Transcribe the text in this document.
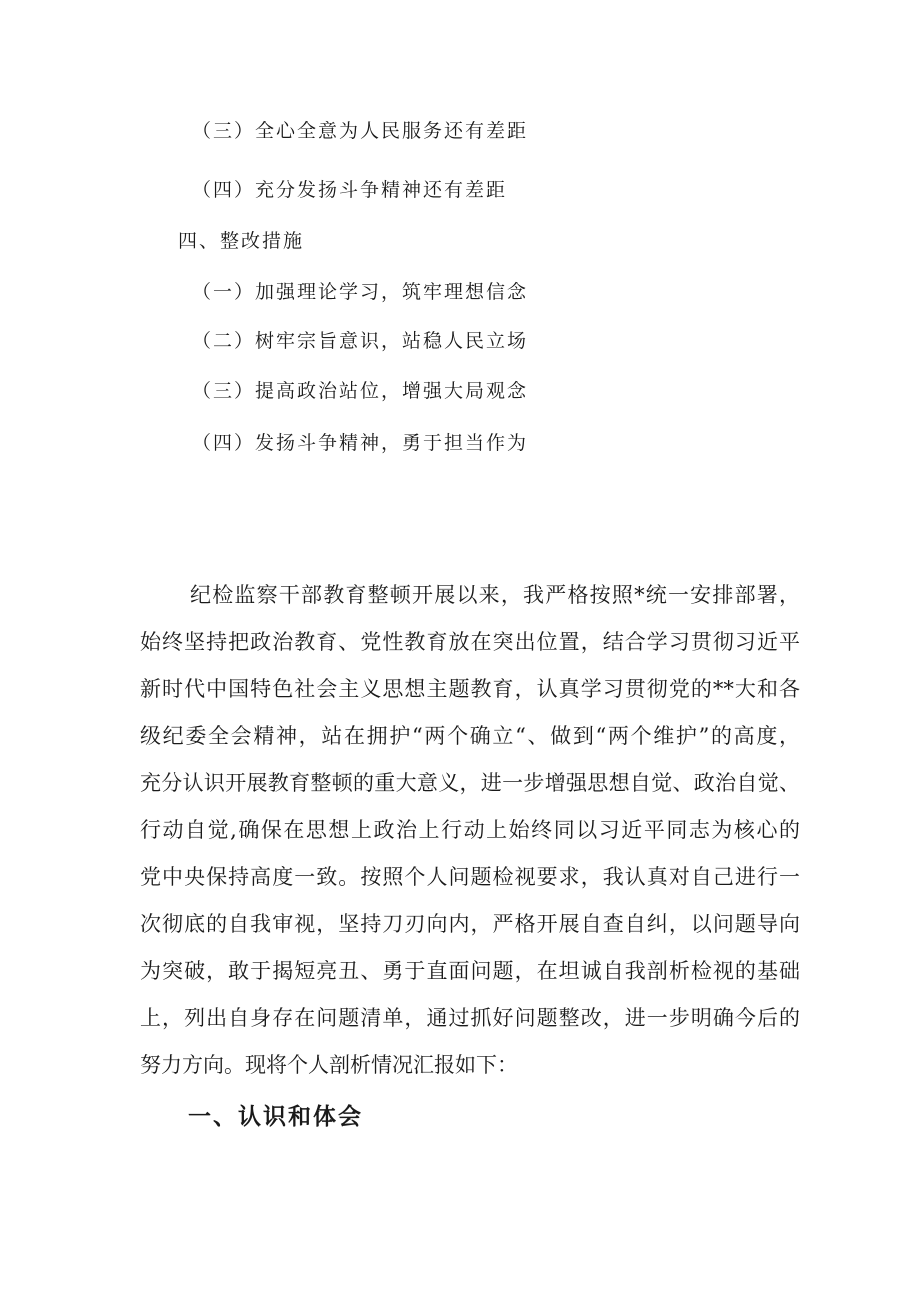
（三）全心全意为人民服务还有差距

（四）充分发扬斗争精神还有差距

四、整改措施

（一）加强理论学习，筑牢理想信念

（二）树牢宗旨意识，站稳人民立场

（三）提高政治站位，增强大局观念

（四）发扬斗争精神，勇于担当作为

纪检监察干部教育整顿开展以来，我严格按照*统一安排部署，
始终坚持把政治教育、党性教育放在突出位置，结合学习贯彻习近平
新时代中国特色社会主义思想主题教育，认真学习贯彻党的**大和各
级纪委全会精神，站在拥护“两个确立“、做到“两个维护”的高度，
充分认识开展教育整顿的重大意义，进一步增强思想自觉、政治自觉、
行动自觉,确保在思想上政治上行动上始终同以习近平同志为核心的
党中央保持高度一致。按照个人问题检视要求，我认真对自己进行一
次彻底的自我审视，坚持刀刃向内，严格开展自查自纠，以问题导向
为突破，敢于揭短亮丑、勇于直面问题，在坦诚自我剖析检视的基础
上，列出自身存在问题清单，通过抓好问题整改，进一步明确今后的
努力方向。现将个人剖析情况汇报如下：
一、认识和体会
